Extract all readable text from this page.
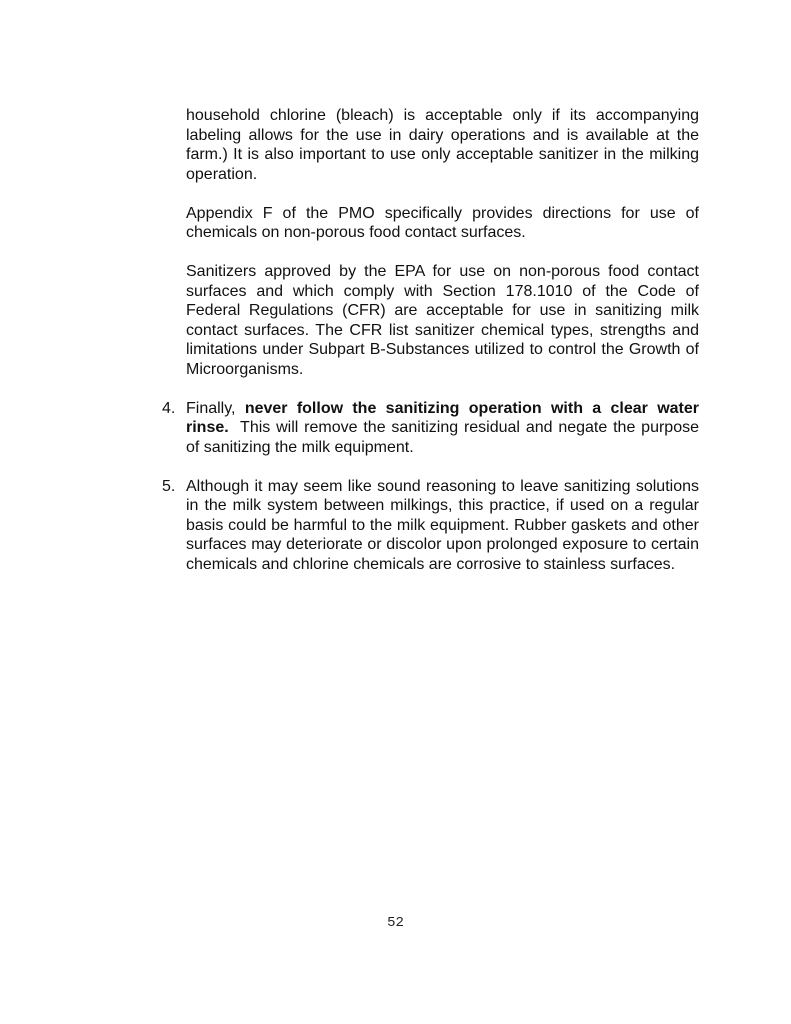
household chlorine (bleach) is acceptable only if its accompanying labeling allows for the use in dairy operations and is available at the farm.) It is also important to use only acceptable sanitizer in the milking operation.

Appendix F of the PMO specifically provides directions for use of chemicals on non-porous food contact surfaces.

Sanitizers approved by the EPA for use on non-porous food contact surfaces and which comply with Section 178.1010 of the Code of Federal Regulations (CFR) are acceptable for use in sanitizing milk contact surfaces. The CFR list sanitizer chemical types, strengths and limitations under Subpart B-Substances utilized to control the Growth of Microorganisms.

4. Finally, never follow the sanitizing operation with a clear water rinse.  This will remove the sanitizing residual and negate the purpose of sanitizing the milk equipment.
5. Although it may seem like sound reasoning to leave sanitizing solutions in the milk system between milkings, this practice, if used on a regular basis could be harmful to the milk equipment. Rubber gaskets and other surfaces may deteriorate or discolor upon prolonged exposure to certain chemicals and chlorine chemicals are corrosive to stainless surfaces.
52
